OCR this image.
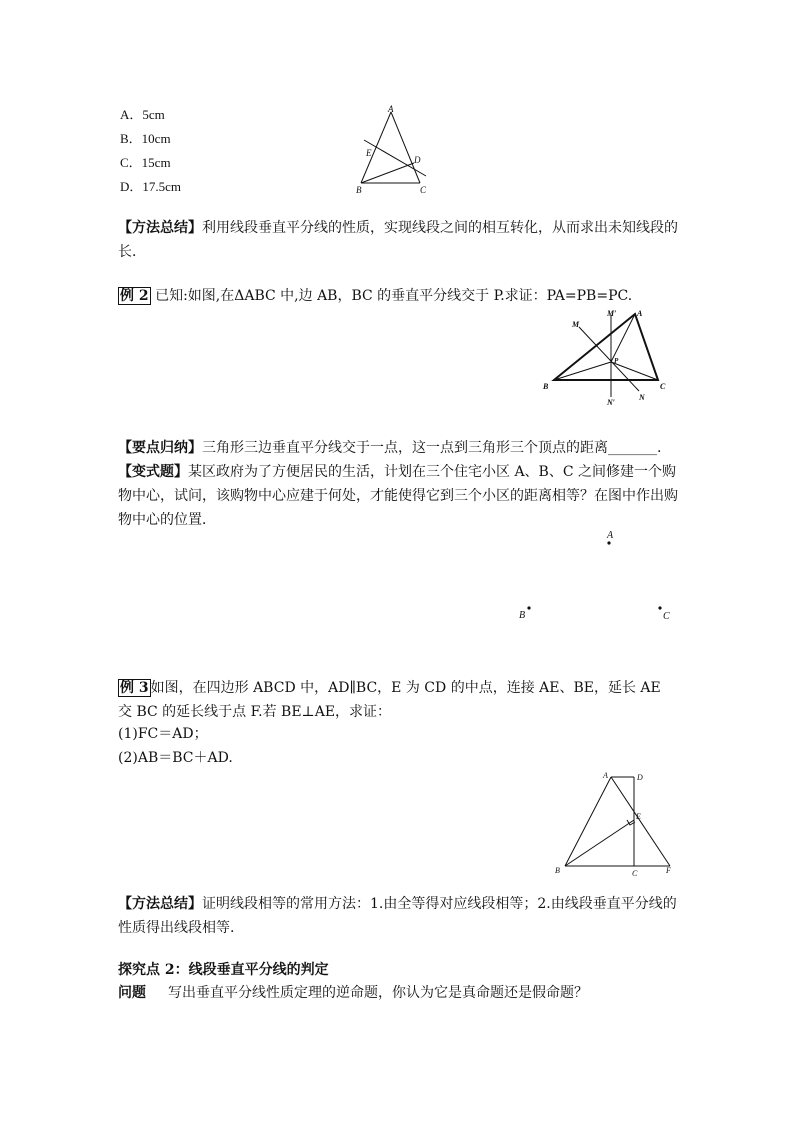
A．5cm
B．10cm
C．15cm
D．17.5cm
A
E
D
B	C
【方法总结】利用线段垂直平分线的性质，实现线段之间的相互转化，从而求出未知线段的长．
例 2 已知:如图,在ΔABC 中,边 AB，BC 的垂直平分线交于 P.求证：PA=PB=PC.
M
M′	A
P
B	C
N′
N
【要点归纳】三角形三边垂直平分线交于一点，这一点到三角形三个顶点的距离_______.
【变式题】某区政府为了方便居民的生活，计划在三个住宅小区 A、B、C 之间修建一个购物中心，试问，该购物中心应建于何处，才能使得它到三个小区的距离相等？在图中作出购物中心的位置．
A
B	C
例 3 如图，在四边形 ABCD 中，AD∥BC，E 为 CD 的中点，连接 AE、BE，延长 AE 交 BC 的延长线于点 F.若 BE⊥AE，求证：
(1)FC＝AD；
(2)AB＝BC＋AD.
A	D
E
B	C	F
【方法总结】证明线段相等的常用方法：1.由全等得对应线段相等；2.由线段垂直平分线的性质得出线段相等.
探究点 2：线段垂直平分线的判定
问题 写出垂直平分线性质定理的逆命题，你认为它是真命题还是假命题？
